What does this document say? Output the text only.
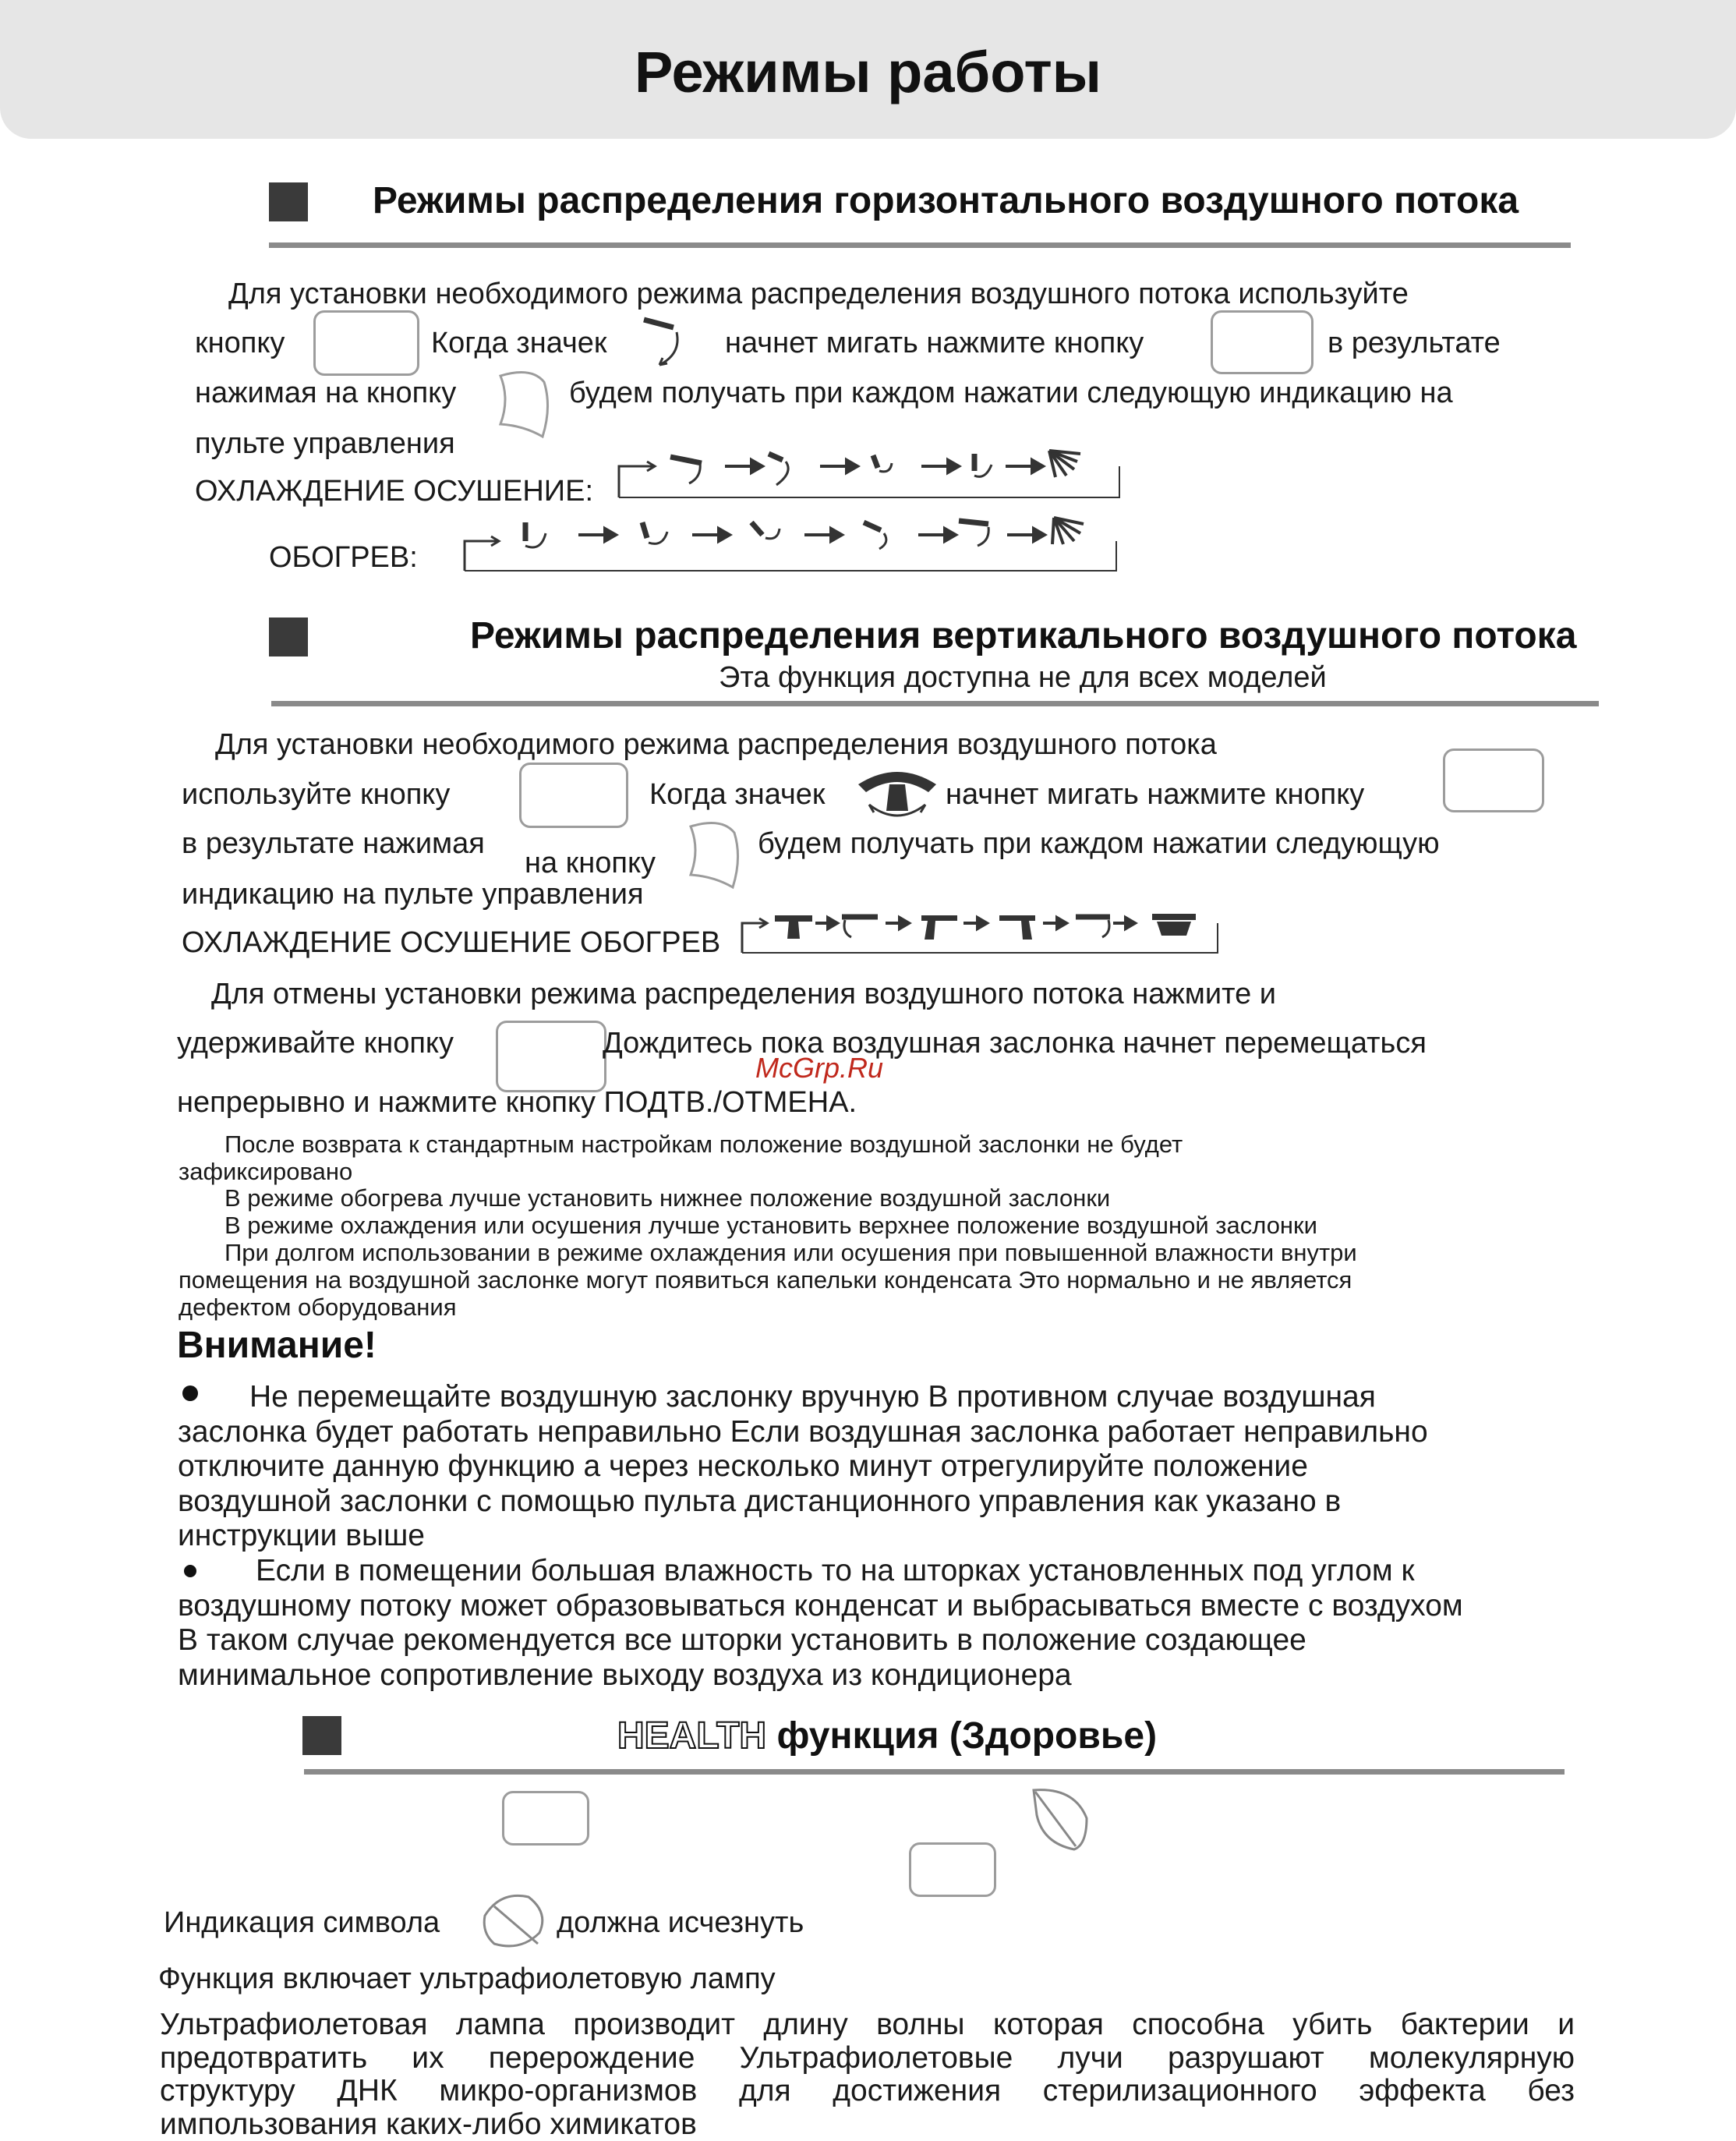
Режимы работы
Режимы распределения горизонтального воздушного потока
Для установки необходимого режима распределения воздушного потока используйте
кнопку	Когда значек	начнет мигать нажмите кнопку	в результате
нажимая на кнопку	будем получать при каждом нажатии следующую индикацию на
пульте управления
ОХЛАЖДЕНИЕ ОСУШЕНИЕ:
ОБОГРЕВ:
Режимы распределения вертикального воздушного потока
Эта функция доступна не для всех моделей
Для установки необходимого режима распределения воздушного потока
используйте кнопку	Когда значек	начнет мигать нажмите кнопку
в результате нажимая
на кнопку
будем получать при каждом нажатии следующую
индикацию на пульте управления
ОХЛАЖДЕНИЕ ОСУШЕНИЕ ОБОГРЕВ
Для отмены установки режима распределения воздушного потока нажмите и
удерживайте кнопку	Дождитесь пока воздушная заслонка начнет перемещаться
McGrp.Ru
непрерывно и нажмите кнопку ПОДТВ./ОТМЕНА.
После возврата к стандартным настройкам положение воздушной заслонки не будет
зафиксировано
В режиме обогрева лучше установить нижнее положение воздушной заслонки
В режиме охлаждения или осушения лучше установить верхнее положение воздушной заслонки
При долгом использовании в режиме охлаждения или осушения при повышенной влажности внутри
помещения на воздушной заслонке могут появиться капельки конденсата Это нормально и не является
дефектом оборудования
Внимание!
Не перемещайте воздушную заслонку вручную В противном случае воздушная
заслонка будет работать неправильно Если воздушная заслонка работает неправильно
отключите данную функцию а через несколько минут отрегулируйте положение
воздушной заслонки с помощью пульта дистанционного управления как указано в
инструкции выше
Если в помещении большая влажность то на шторках установленных под углом к
воздушному потоку может образовываться конденсат и выбрасываться вместе с воздухом
В таком случае рекомендуется все шторки установить в положение создающее
минимальное сопротивление выходу воздуха из кондиционера
HEALTH функция (Здоровье)
Индикация символа	должна исчезнуть
Функция включает ультрафиолетовую лампу
Ультрафиолетовая лампа производит длину волны которая способна убить бактерии и
предотвратить их перерождение Ультрафиолетовые лучи разрушают молекулярную
структуру ДНК микро-организмов для достижения стерилизационного эффекта без
импользования каких-либо химикатов
